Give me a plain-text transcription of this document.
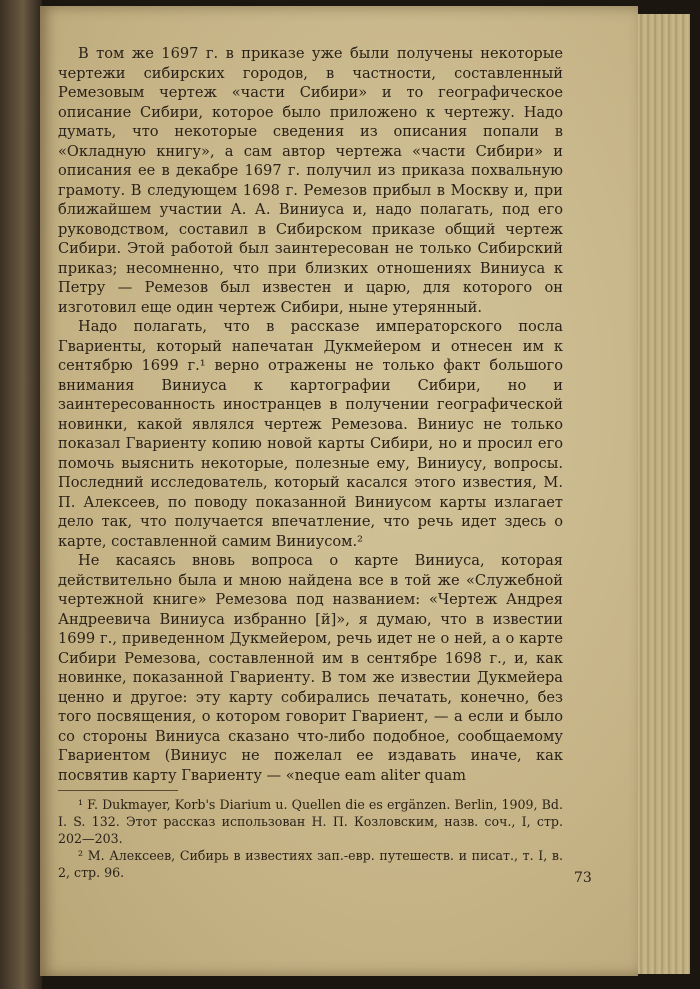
В том же 1697 г. в приказе уже были получены некоторые чертежи сибирских городов, в частности, составленный Ремезовым чертеж «части Сибири» и то географическое описание Сибири, которое было приложено к чертежу. Надо думать, что некоторые сведения из описания попали в «Окладную книгу», а сам автор чертежа «части Сибири» и описания ее в декабре 1697 г. получил из приказа похвальную грамоту. В следующем 1698 г. Ремезов прибыл в Москву и, при ближайшем участии А. А. Виниуса и, надо полагать, под его руководством, составил в Сибирском приказе общий чертеж Сибири. Этой работой был заинтересован не только Сибирский приказ; несомненно, что при близких отношениях Виниуса к Петру — Ремезов был известен и царю, для которого он изготовил еще один чертеж Сибири, ныне утерянный.

Надо полагать, что в рассказе императорского посла Гвариенты, который напечатан Дукмейером и отнесен им к сентябрю 1699 г.¹ верно отражены не только факт большого внимания Виниуса к картографии Сибири, но и заинтересованность иностранцев в получении географической новинки, какой являлся чертеж Ремезова. Виниус не только показал Гвариенту копию новой карты Сибири, но и просил его помочь выяснить некоторые, полезные ему, Виниусу, вопросы. Последний исследователь, который касался этого известия, М. П. Алексеев, по поводу показанной Виниусом карты излагает дело так, что получается впечатление, что речь идет здесь о карте, составленной самим Виниусом.²

Не касаясь вновь вопроса о карте Виниуса, которая действительно была и мною найдена все в той же «Служебной чертежной книге» Ремезова под названием: «Чертеж Андрея Андреевича Виниуса избранно [й]», я думаю, что в известии 1699 г., приведенном Дукмейером, речь идет не о ней, а о карте Сибири Ремезова, составленной им в сентябре 1698 г., и, как новинке, показанной Гвариенту. В том же известии Дукмейера ценно и другое: эту карту собирались печатать, конечно, без того посвящения, о котором говорит Гвариент, — а если и было со стороны Виниуса сказано что-либо подобное, сообщаемому Гвариентом (Виниус не пожелал ее издавать иначе, как посвятив карту Гвариенту — «neque eam aliter quam

¹ F. Dukmayer, Korb's Diarium u. Quellen die es ergänzen. Berlin, 1909, Bd. I. S. 132. Этот рассказ использован Н. П. Козловским, назв. соч., I, стр. 202—203.

² М. Алексеев, Сибирь в известиях зап.-евр. путешеств. и писат., т. I, в. 2, стр. 96.	73
